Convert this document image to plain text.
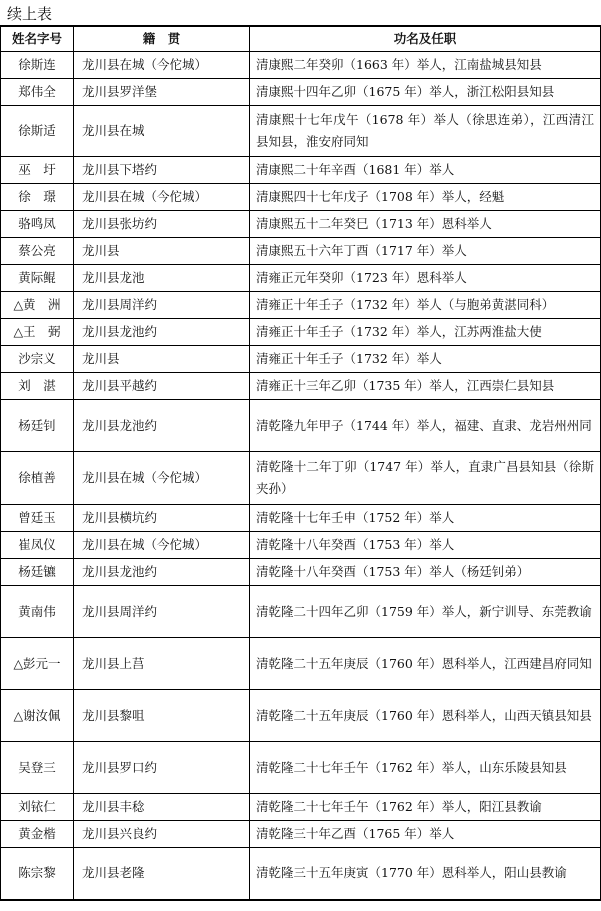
续上表
姓名字号	籍　贯	功名及任职
徐斯连	龙川县在城（今佗城）	清康熙二年癸卯（1663 年）举人，江南盐城县知县
郑伟全	龙川县罗洋堡	清康熙十四年乙卯（1675 年）举人，浙江松阳县知县
徐斯适	龙川县在城	清康熙十七年戊午（1678 年）举人（徐思连弟），江西清江县知县，淮安府同知
巫　圩	龙川县下塔约	清康熙二十年辛酉（1681 年）举人
徐　璟	龙川县在城（今佗城）	清康熙四十七年戊子（1708 年）举人，经魁
骆鸣凤	龙川县张坊约	清康熙五十二年癸巳（1713 年）恩科举人
蔡公亮	龙川县	清康熙五十六年丁酉（1717 年）举人
黄际鲲	龙川县龙池	清雍正元年癸卯（1723 年）恩科举人
△黄　洲	龙川县周洋约	清雍正十年壬子（1732 年）举人（与胞弟黄湛同科）
△王　弼	龙川县龙池约	清雍正十年壬子（1732 年）举人，江苏两淮盐大使
沙宗义	龙川县	清雍正十年壬子（1732 年）举人
刘　湛	龙川县平越约	清雍正十三年乙卯（1735 年）举人，江西崇仁县知县
杨廷钊	龙川县龙池约	清乾隆九年甲子（1744 年）举人，福建、直隶、龙岩州州同
徐植善	龙川县在城（今佗城）	清乾隆十二年丁卯（1747 年）举人，直隶广昌县知县（徐斯夹孙）
曾廷玉	龙川县横坑约	清乾隆十七年壬申（1752 年）举人
崔凤仪	龙川县在城（今佗城）	清乾隆十八年癸酉（1753 年）举人
杨廷镳	龙川县龙池约	清乾隆十八年癸酉（1753 年）举人（杨廷钊弟）
黄南伟	龙川县周洋约	清乾隆二十四年乙卯（1759 年）举人，新宁训导、东莞教谕
△彭元一	龙川县上莒	清乾隆二十五年庚辰（1760 年）恩科举人，江西建昌府同知
△谢汝佩	龙川县黎咀	清乾隆二十五年庚辰（1760 年）恩科举人，山西天镇县知县
吴登三	龙川县罗口约	清乾隆二十七年壬午（1762 年）举人，山东乐陵县知县
刘铱仁	龙川县丰稔	清乾隆二十七年壬午（1762 年）举人，阳江县教谕
黄金楷	龙川县兴良约	清乾隆三十年乙酉（1765 年）举人
陈宗黎	龙川县老隆	清乾隆三十五年庚寅（1770 年）恩科举人，阳山县教谕
